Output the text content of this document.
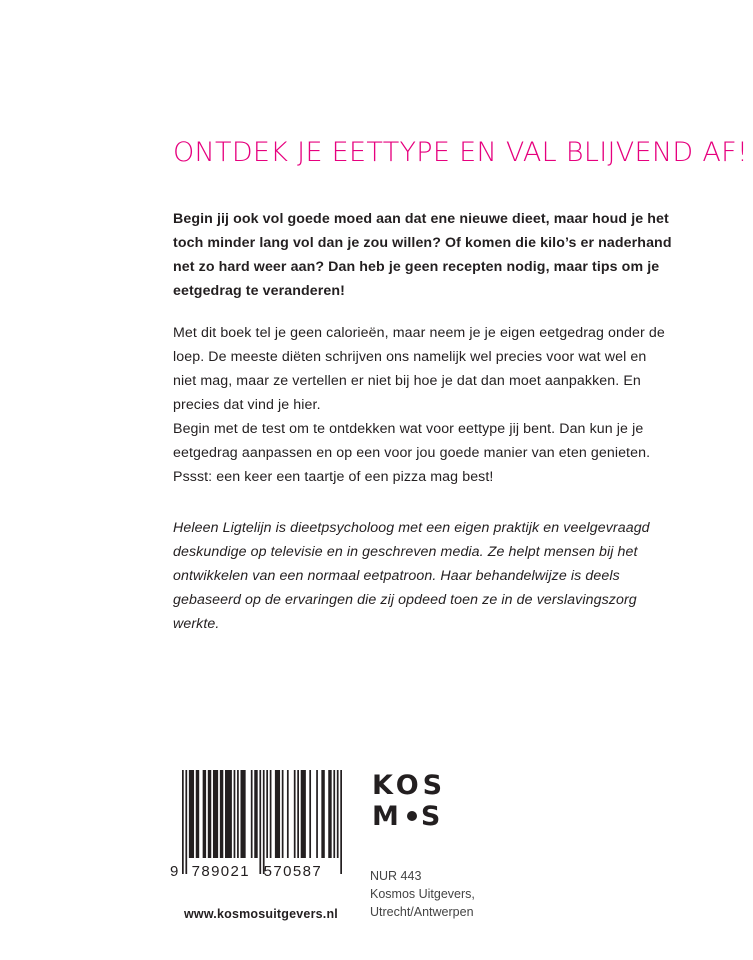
ONTDEK JE EETTYPE EN VAL BLIJVEND AF!

Begin jij ook vol goede moed aan dat ene nieuwe dieet, maar houd je het toch minder lang vol dan je zou willen? Of komen die kilo’s er naderhand net zo hard weer aan? Dan heb je geen recepten nodig, maar tips om je eetgedrag te veranderen!

Met dit boek tel je geen calorieën, maar neem je je eigen eetgedrag onder de loep. De meeste diëten schrijven ons namelijk wel precies voor wat wel en niet mag, maar ze vertellen er niet bij hoe je dat dan moet aanpakken. En precies dat vind je hier.
Begin met de test om te ontdekken wat voor eettype jij bent. Dan kun je je eetgedrag aanpassen en op een voor jou goede manier van eten genieten. Pssst: een keer een taartje of een pizza mag best!

Heleen Ligtelijn is dieetpsycholoog met een eigen praktijk en veelgevraagd deskundige op televisie en in geschreven media. Ze helpt mensen bij het ontwikkelen van een normaal eetpatroon. Haar behandelwijze is deels gebaseerd op de ervaringen die zij opdeed toen ze in de verslavingszorg werkte.

9 789021 570587
www.kosmosuitgevers.nl
KOS
M S
NUR 443
Kosmos Uitgevers,
Utrecht/Antwerpen
